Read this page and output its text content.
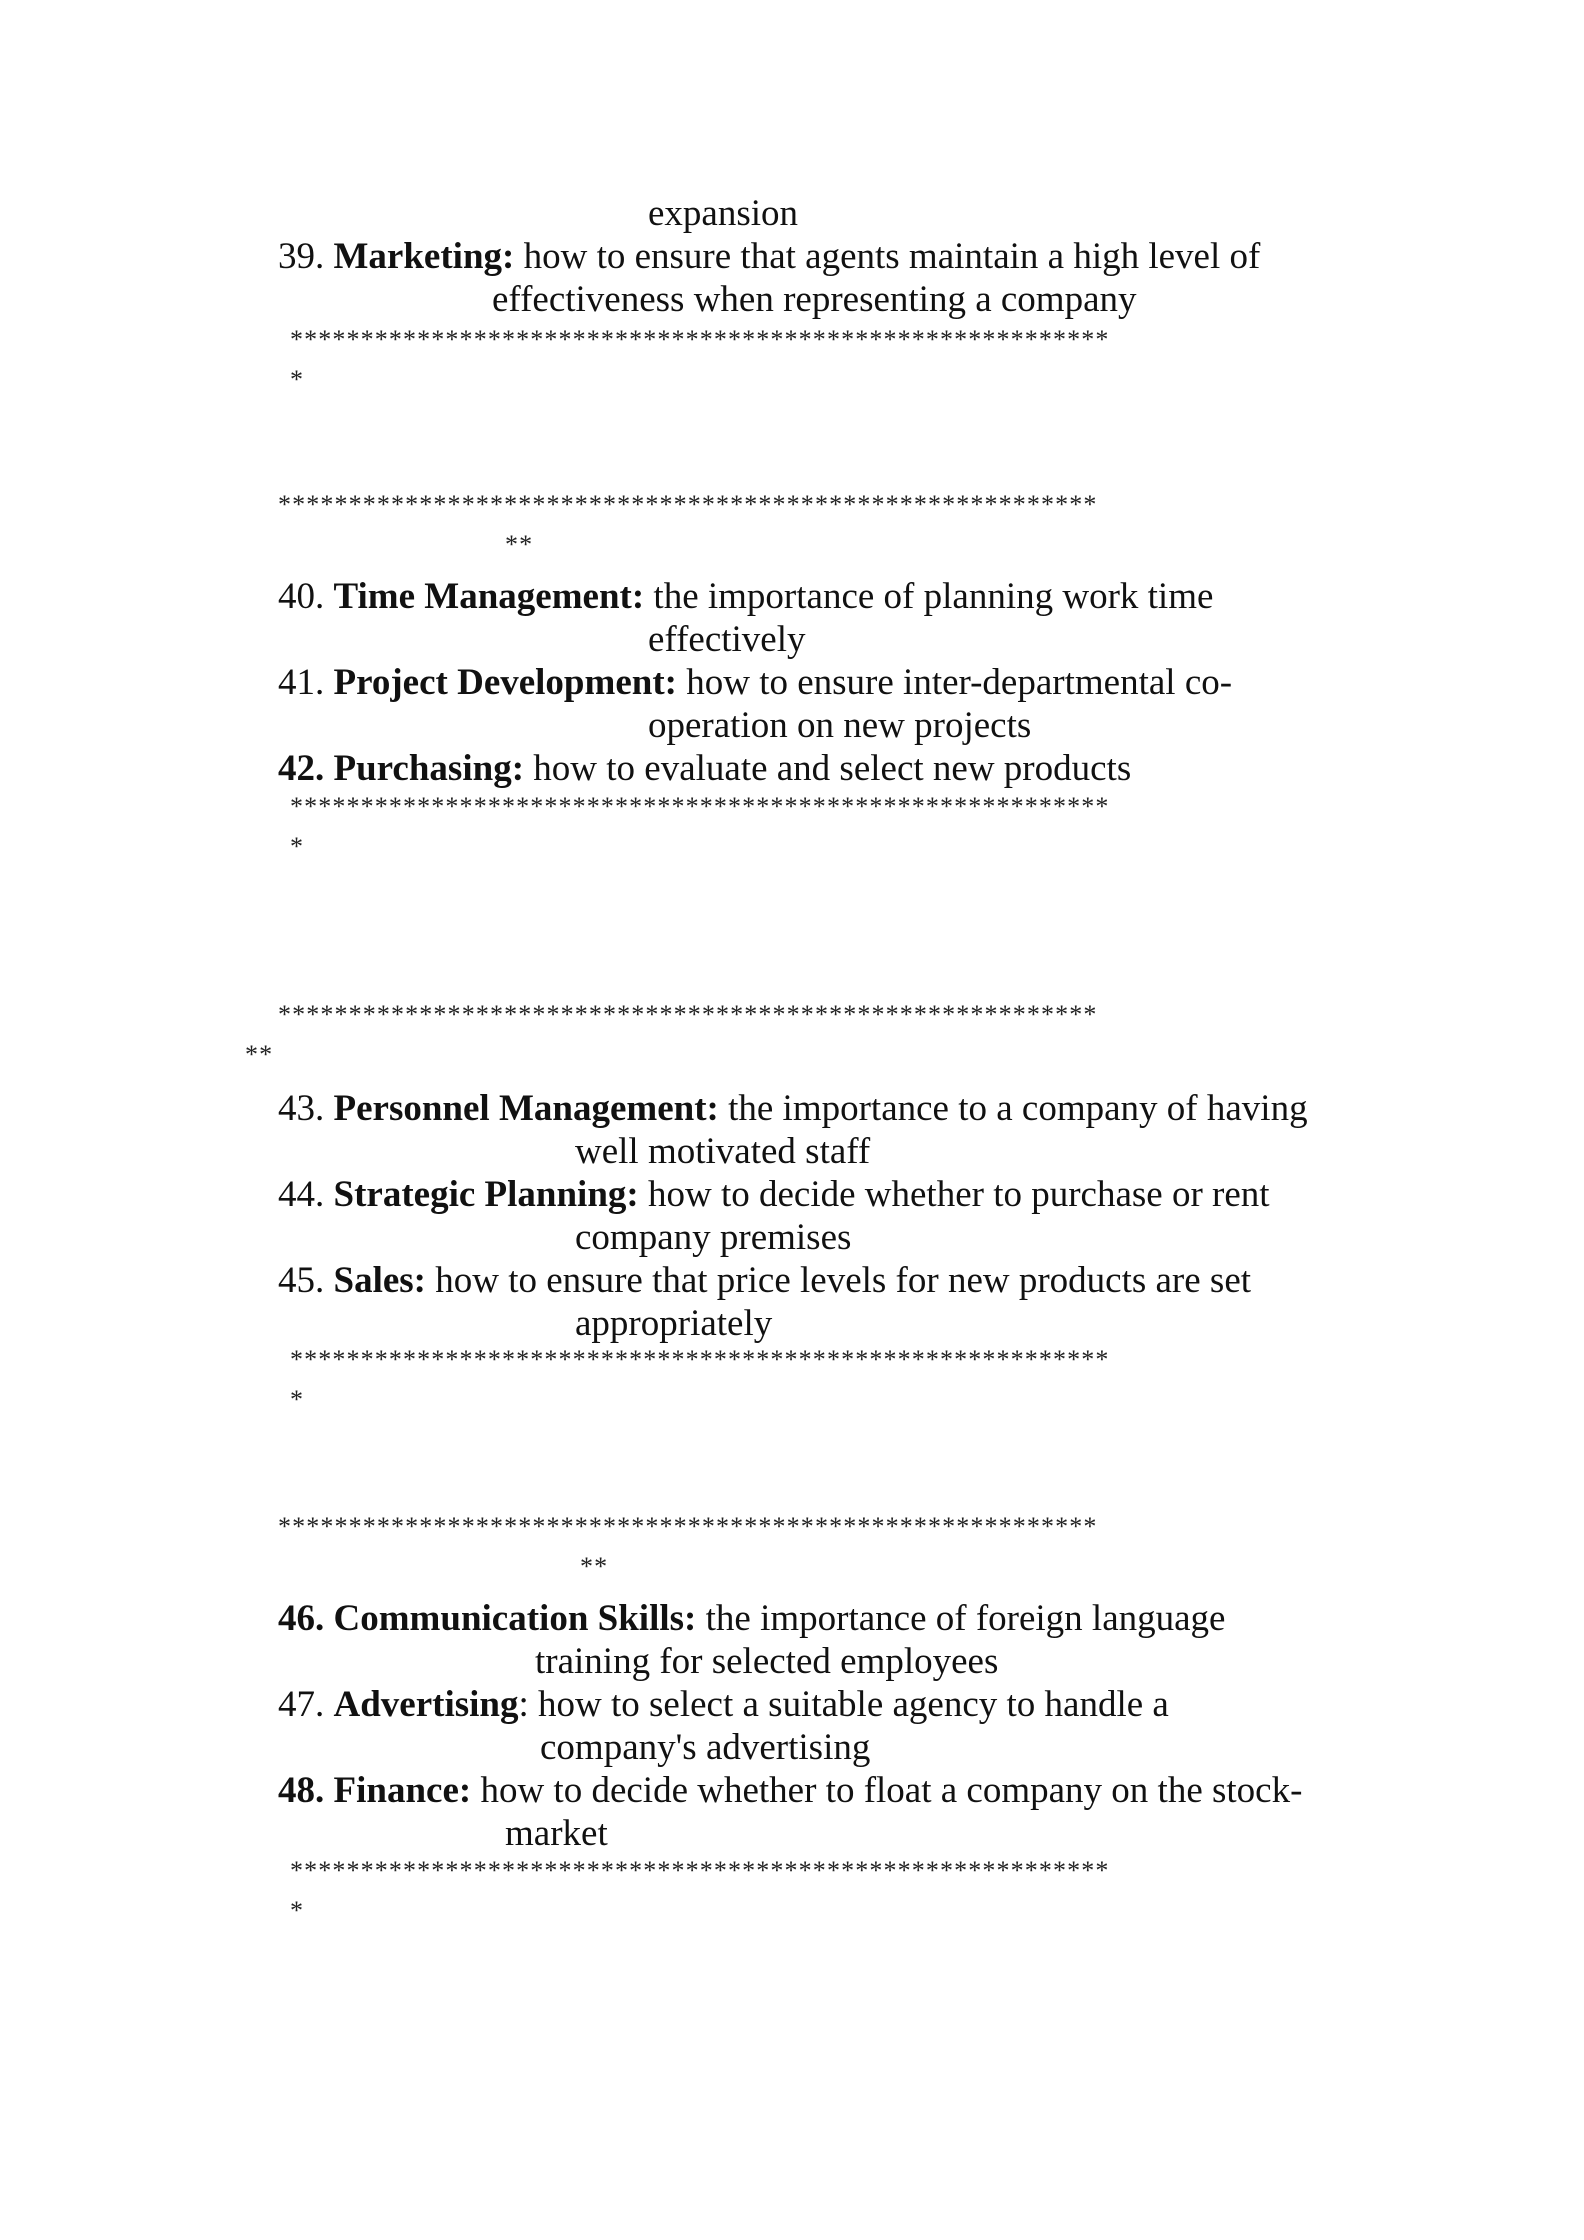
expansion

39. Marketing: how to ensure that agents maintain a high level of

effectiveness when representing a company

**********************************************************

*

**********************************************************

**

40. Time Management: the importance of planning work time

effectively

41. Project Development: how to ensure inter-departmental co-

operation on new projects

42. Purchasing: how to evaluate and select new products

**********************************************************

*

**********************************************************

**

43. Personnel Management: the importance to a company of having

well motivated staff

44. Strategic Planning: how to decide whether to purchase or rent

company premises

45. Sales: how to ensure that price levels for new products are set

appropriately

**********************************************************

*

**********************************************************

**

46. Communication Skills: the importance of foreign language

training for selected employees

47. Advertising: how to select a suitable agency to handle a

company's advertising

48. Finance: how to decide whether to float a company on the stock-

market

**********************************************************

*
